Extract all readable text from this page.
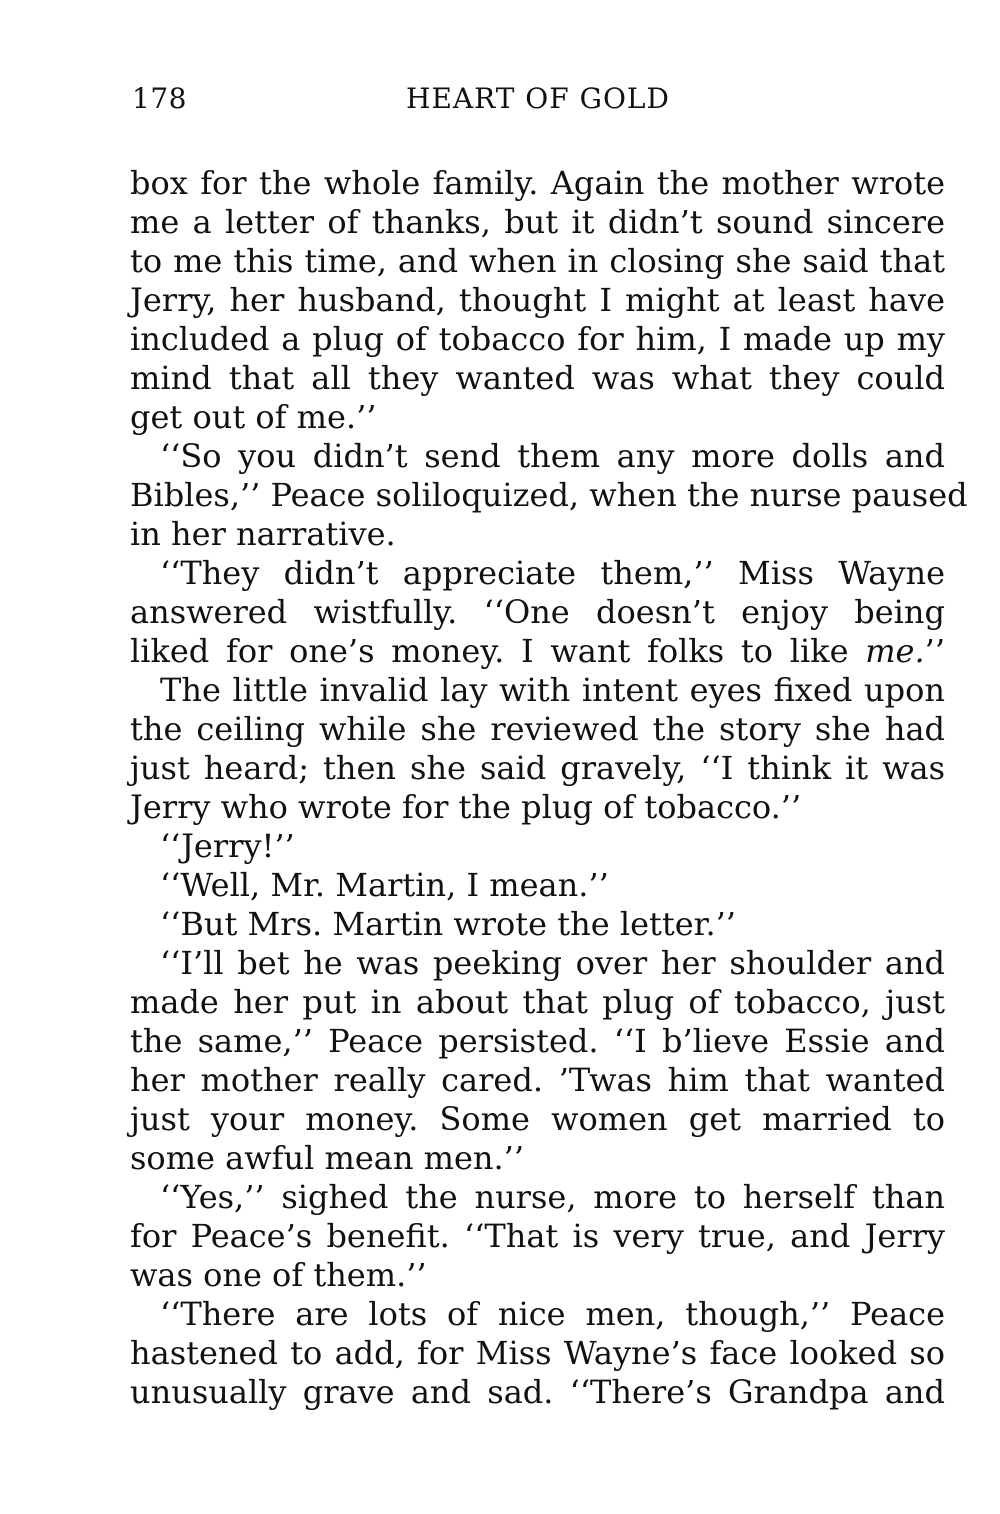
178	HEART OF GOLD
box for the whole family. Again the mother wrote
me a letter of thanks, but it didn’t sound sincere
to me this time, and when in closing she said that
Jerry, her husband, thought I might at least have
included a plug of tobacco for him, I made up my
mind that all they wanted was what they could
get out of me.’’
‘‘So you didn’t send them any more dolls and
Bibles,’’ Peace soliloquized, when the nurse paused
in her narrative.
‘‘They didn’t appreciate them,’’ Miss Wayne
answered wistfully. ‘‘One doesn’t enjoy being
liked for one’s money. I want folks to like me.’’
The little invalid lay with intent eyes fixed upon
the ceiling while she reviewed the story she had
just heard; then she said gravely, ‘‘I think it was
Jerry who wrote for the plug of tobacco.’’
‘‘Jerry!’’
‘‘Well, Mr. Martin, I mean.’’
‘‘But Mrs. Martin wrote the letter.’’
‘‘I’ll bet he was peeking over her shoulder and
made her put in about that plug of tobacco, just
the same,’’ Peace persisted. ‘‘I b’lieve Essie and
her mother really cared. ’Twas him that wanted
just your money. Some women get married to
some awful mean men.’’
‘‘Yes,’’ sighed the nurse, more to herself than
for Peace’s benefit. ‘‘That is very true, and Jerry
was one of them.’’
‘‘There are lots of nice men, though,’’ Peace
hastened to add, for Miss Wayne’s face looked so
unusually grave and sad. ‘‘There’s Grandpa and
